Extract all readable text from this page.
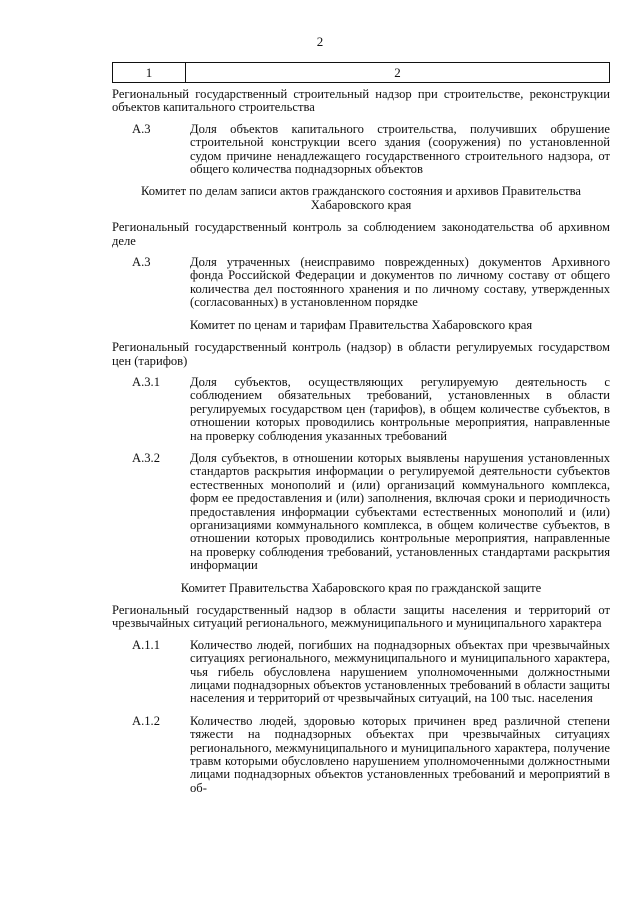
2
1	2

Региональный государственный строительный надзор при строительстве, реконструкции объектов капитального строительства

А.3	Доля объектов капитального строительства, получивших обрушение строительной конструкции всего здания (сооружения) по установленной судом причине ненадлежащего государственного строительного надзора, от общего количества поднадзорных объектов

Комитет по делам записи актов гражданского состояния и архивов Правительства Хабаровского края

Региональный государственный контроль за соблюдением законодательства об архивном деле

А.3	Доля утраченных (неисправимо поврежденных) документов Архивного фонда Российской Федерации и документов по личному составу от общего количества дел постоянного хранения и по личному составу, утвержденных (согласованных) в установленном порядке

Комитет по ценам и тарифам Правительства Хабаровского края

Региональный государственный контроль (надзор) в области регулируемых государством цен (тарифов)

А.3.1	Доля субъектов, осуществляющих регулируемую деятельность с соблюдением обязательных требований, установленных в области регулируемых государством цен (тарифов), в общем количестве субъектов, в отношении которых проводились контрольные мероприятия, направленные на проверку соблюдения указанных требований
А.3.2	Доля субъектов, в отношении которых выявлены нарушения установленных стандартов раскрытия информации о регулируемой деятельности субъектов естественных монополий и (или) организаций коммунального комплекса, форм ее предоставления и (или) заполнения, включая сроки и периодичность предоставления информации субъектами естественных монополий и (или) организациями коммунального комплекса, в общем количестве субъектов, в отношении которых проводились контрольные мероприятия, направленные на проверку соблюдения требований, установленных стандартами раскрытия информации

Комитет Правительства Хабаровского края по гражданской защите

Региональный государственный надзор в области защиты населения и территорий от чрезвычайных ситуаций регионального, межмуниципального и муниципального характера

А.1.1	Количество людей, погибших на поднадзорных объектах при чрезвычайных ситуациях регионального, межмуниципального и муниципального характера, чья гибель обусловлена нарушением уполномоченными должностными лицами поднадзорных объектов установленных требований в области защиты населения и территорий от чрезвычайных ситуаций, на 100 тыс. населения
А.1.2	Количество людей, здоровью которых причинен вред различной степени тяжести на поднадзорных объектах при чрезвычайных ситуациях регионального, межмуниципального и муниципального характера, получение травм которыми обусловлено нарушением уполномоченными должностными лицами поднадзорных объектов установленных требований и мероприятий в об-
